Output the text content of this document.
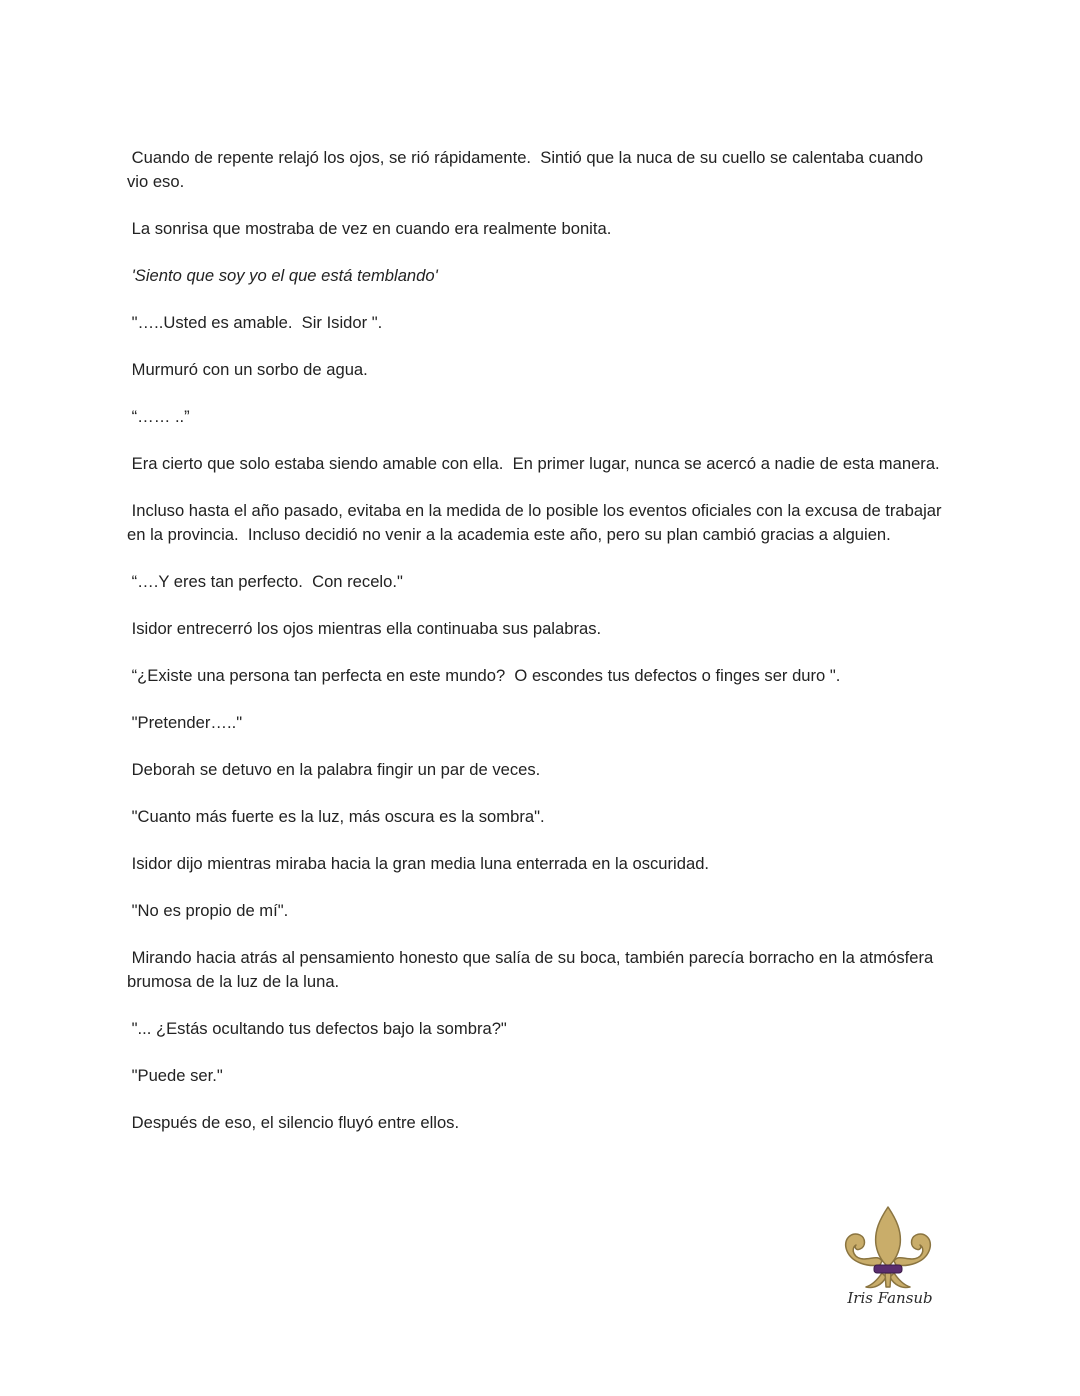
Cuando de repente relajó los ojos, se rió rápidamente.  Sintió que la nuca de su cuello se calentaba cuando vio eso.

La sonrisa que mostraba de vez en cuando era realmente bonita.

'Siento que soy yo el que está temblando'

"…..Usted es amable.  Sir Isidor ".

Murmuró con un sorbo de agua.

“…… ..”

Era cierto que solo estaba siendo amable con ella.  En primer lugar, nunca se acercó a nadie de esta manera.

Incluso hasta el año pasado, evitaba en la medida de lo posible los eventos oficiales con la excusa de trabajar en la provincia.  Incluso decidió no venir a la academia este año, pero su plan cambió gracias a alguien.

“….Y eres tan perfecto.  Con recelo."

Isidor entrecerró los ojos mientras ella continuaba sus palabras.

“¿Existe una persona tan perfecta en este mundo?  O escondes tus defectos o finges ser duro ".

"Pretender….."

Deborah se detuvo en la palabra fingir un par de veces.

"Cuanto más fuerte es la luz, más oscura es la sombra".

Isidor dijo mientras miraba hacia la gran media luna enterrada en la oscuridad.

"No es propio de mí".

Mirando hacia atrás al pensamiento honesto que salía de su boca, también parecía borracho en la atmósfera brumosa de la luz de la luna.

"... ¿Estás ocultando tus defectos bajo la sombra?"

"Puede ser."

Después de eso, el silencio fluyó entre ellos.

Iris Fansub
